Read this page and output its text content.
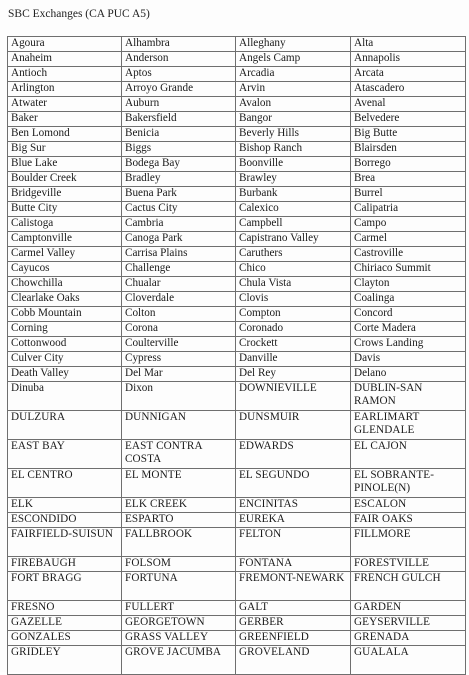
SBC Exchanges (CA PUC A5)
Agoura	Alhambra	Alleghany	Alta
Anaheim	Anderson	Angels Camp	Annapolis
Antioch	Aptos	Arcadia	Arcata
Arlington	Arroyo Grande	Arvin	Atascadero
Atwater	Auburn	Avalon	Avenal
Baker	Bakersfield	Bangor	Belvedere
Ben Lomond	Benicia	Beverly Hills	Big Butte
Big Sur	Biggs	Bishop Ranch	Blairsden
Blue Lake	Bodega Bay	Boonville	Borrego
Boulder Creek	Bradley	Brawley	Brea
Bridgeville	Buena Park	Burbank	Burrel
Butte City	Cactus City	Calexico	Calipatria
Calistoga	Cambria	Campbell	Campo
Camptonville	Canoga Park	Capistrano Valley	Carmel
Carmel Valley	Carrisa Plains	Caruthers	Castroville
Cayucos	Challenge	Chico	Chiriaco Summit
Chowchilla	Chualar	Chula Vista	Clayton
Clearlake Oaks	Cloverdale	Clovis	Coalinga
Cobb Mountain	Colton	Compton	Concord
Corning	Corona	Coronado	Corte Madera
Cottonwood	Coulterville	Crockett	Crows Landing
Culver City	Cypress	Danville	Davis
Death Valley	Del Mar	Del Rey	Delano
Dinuba	Dixon	DOWNIEVILLE	DUBLIN-SAN RAMON
DULZURA	DUNNIGAN	DUNSMUIR	EARLIMART GLENDALE
EAST BAY	EAST CONTRA COSTA	EDWARDS	EL CAJON
EL CENTRO	EL MONTE	EL SEGUNDO	EL SOBRANTE-PINOLE(N)
ELK	ELK CREEK	ENCINITAS	ESCALON
ESCONDIDO	ESPARTO	EUREKA	FAIR OAKS
FAIRFIELD-SUISUN	FALLBROOK	FELTON	FILLMORE
FIREBAUGH	FOLSOM	FONTANA	FORESTVILLE
FORT BRAGG	FORTUNA	FREMONT-NEWARK	FRENCH GULCH
FRESNO	FULLERT	GALT	GARDEN
GAZELLE	GEORGETOWN	GERBER	GEYSERVILLE
GONZALES	GRASS VALLEY	GREENFIELD	GRENADA
GRIDLEY	GROVE JACUMBA	GROVELAND	GUALALA
